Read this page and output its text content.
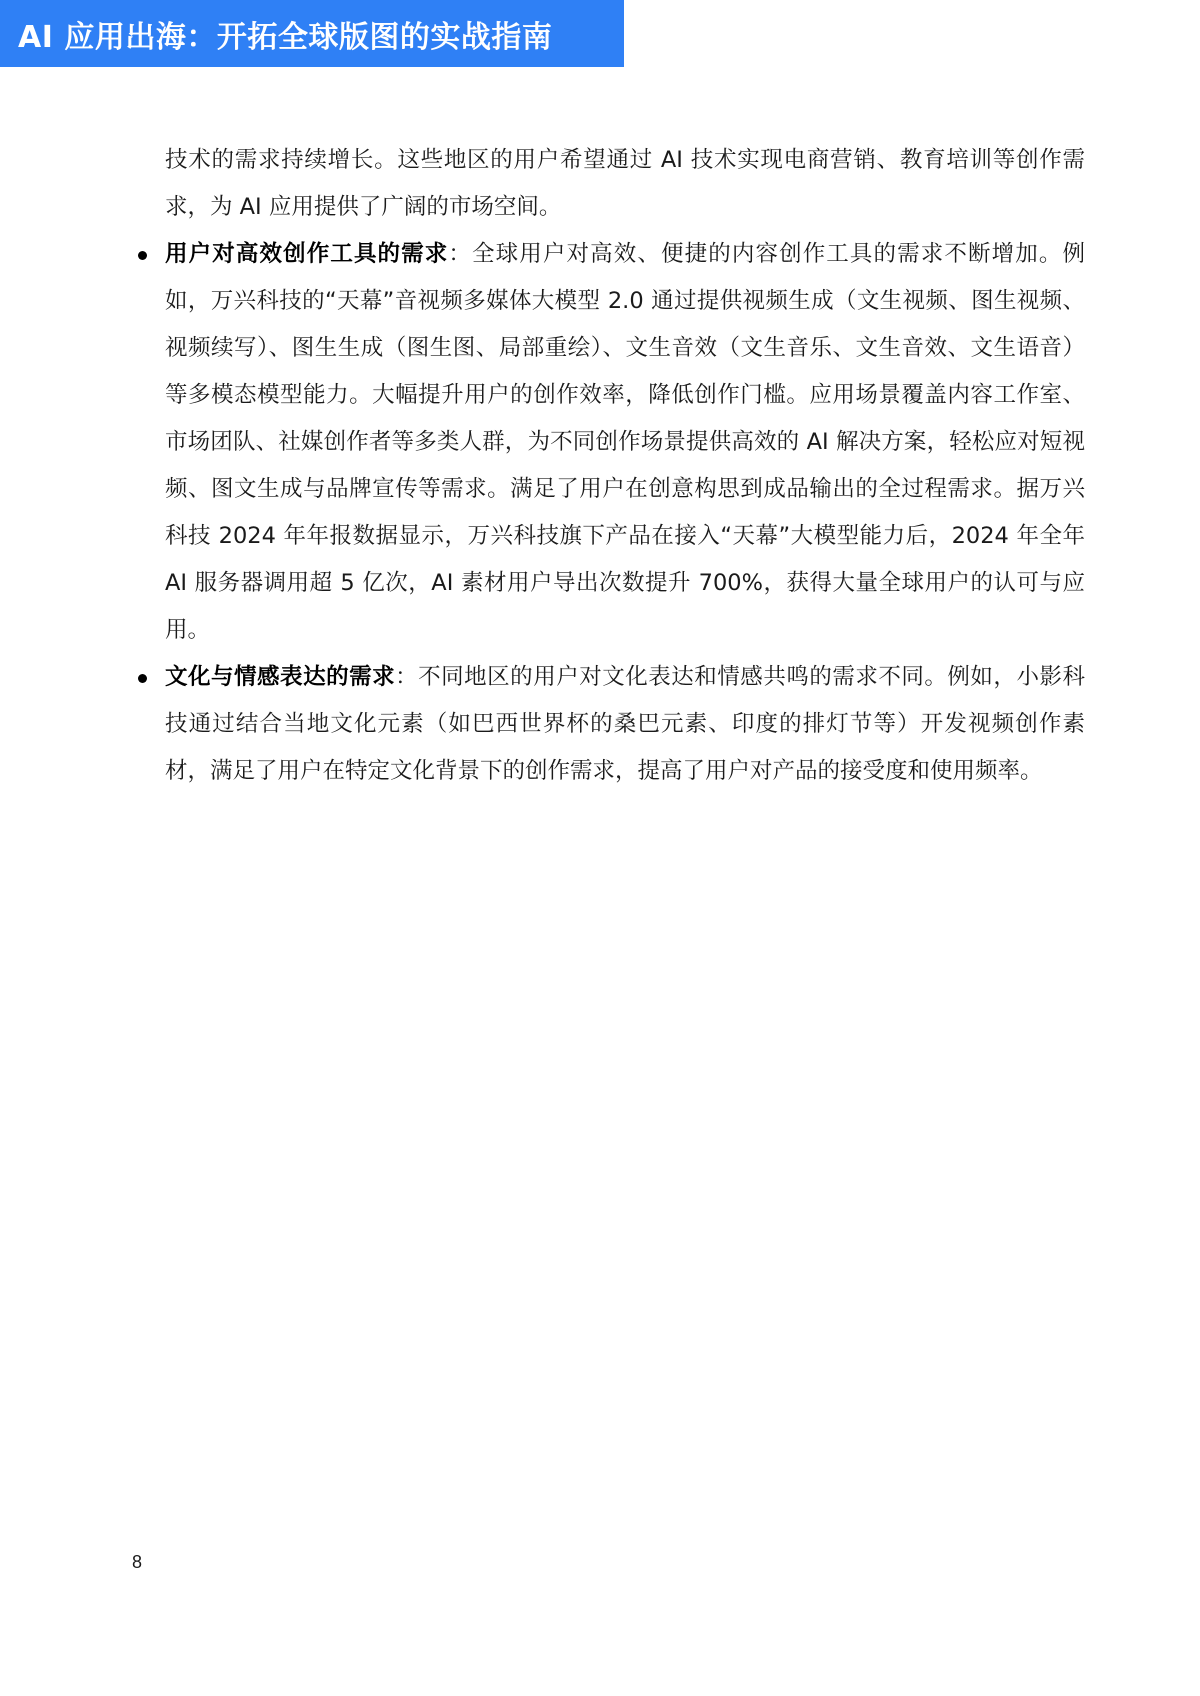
AI 应用出海：开拓全球版图的实战指南

技术的需求持续增长。这些地区的用户希望通过 AI 技术实现电商营销、教育培训等创作需求，为 AI 应用提供了广阔的市场空间。

用户对高效创作工具的需求：全球用户对高效、便捷的内容创作工具的需求不断增加。例如，万兴科技的“天幕”音视频多媒体大模型 2.0 通过提供视频生成（文生视频、图生视频、视频续写）、图生生成（图生图、局部重绘）、文生音效（文生音乐、文生音效、文生语音）等多模态模型能力。大幅提升用户的创作效率，降低创作门槛。应用场景覆盖内容工作室、市场团队、社媒创作者等多类人群，为不同创作场景提供高效的 AI 解决方案，轻松应对短视频、图文生成与品牌宣传等需求。满足了用户在创意构思到成品输出的全过程需求。据万兴科技 2024 年年报数据显示，万兴科技旗下产品在接入“天幕”大模型能力后，2024 年全年 AI 服务器调用超 5 亿次，AI 素材用户导出次数提升 700%，获得大量全球用户的认可与应用。

文化与情感表达的需求：不同地区的用户对文化表达和情感共鸣的需求不同。例如，小影科技通过结合当地文化元素（如巴西世界杯的桑巴元素、印度的排灯节等）开发视频创作素材，满足了用户在特定文化背景下的创作需求，提高了用户对产品的接受度和使用频率。

8
